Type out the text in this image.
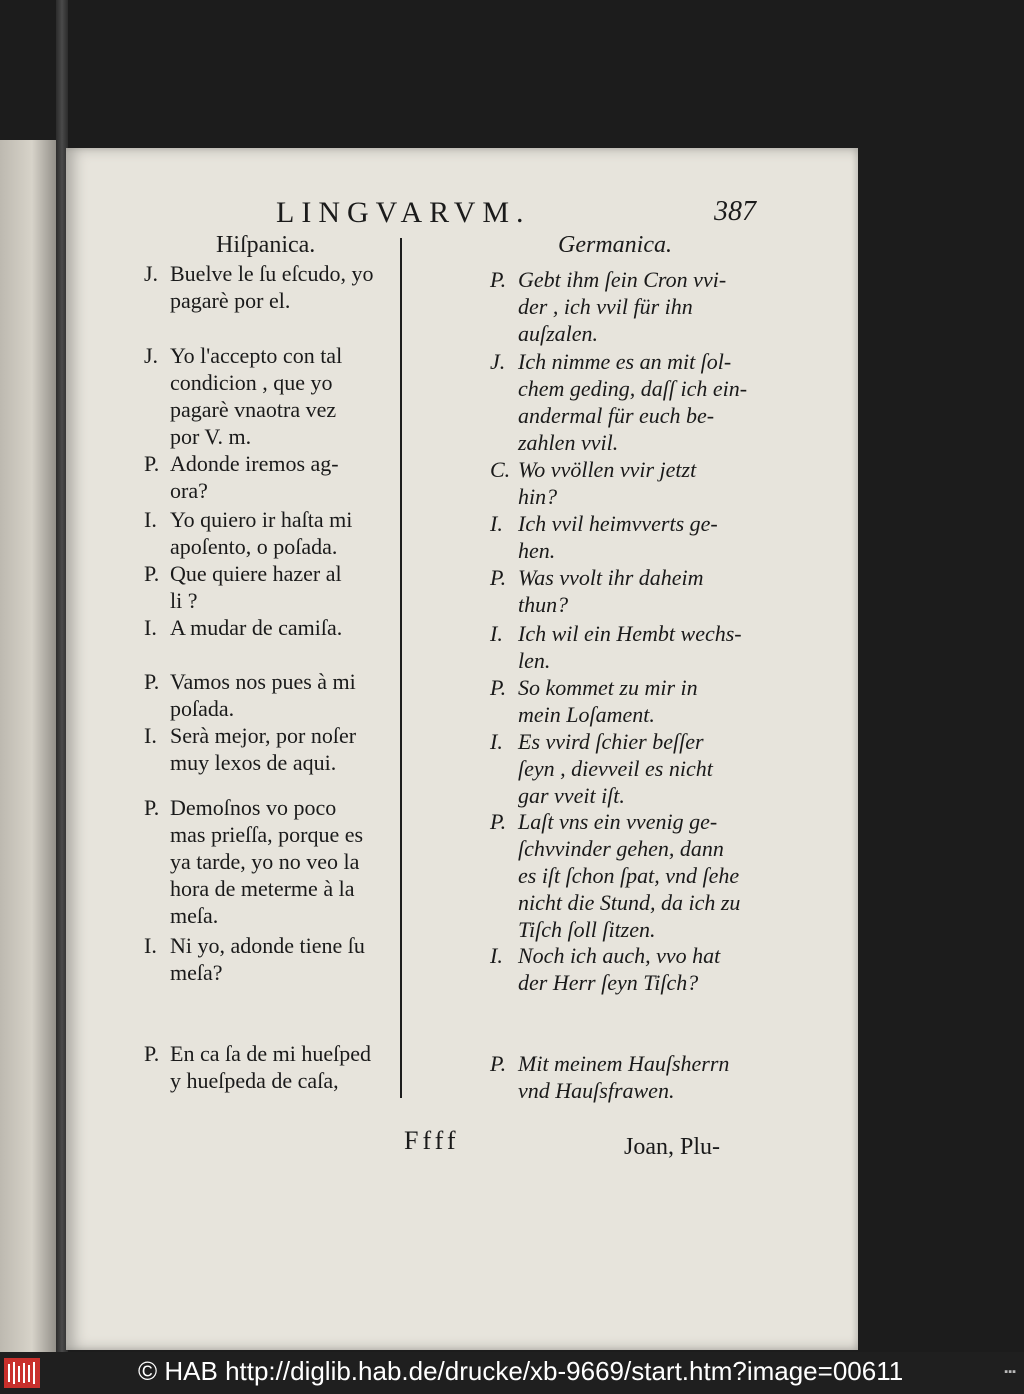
LINGVARVM.	387
Hiſpanica.	Germanica.
J. Buelve le ſu eſcudo, yo
pagarè por el.
J. Yo l'accepto con tal
condicion , que yo
pagarè vnaotra vez
por V. m.
P. Adonde iremos ag-
ora?
I. Yo quiero ir haſta mi
apoſento, o poſada.
P. Que quiere hazer al
li ?
I. A mudar de camiſa.
P. Vamos nos pues à mi
poſada.
I. Serà mejor, por noſer
muy lexos de aqui.
P. Demoſnos vo poco
mas prieſſa, porque es
ya tarde, yo no veo la
hora de meterme à la
meſa.
I. Ni yo, adonde tiene ſu
meſa?
P. En ca ſa de mi hueſped
y hueſpeda de caſa,
P. Gebt ihm ſein Cron vvi-
der , ich vvil für ihn
auſzalen.
J. Ich nimme es an mit ſol-
chem geding, daſſ ich ein-
andermal für euch be-
zahlen vvil.
C. Wo vvöllen vvir jetzt
hin?
I. Ich vvil heimvverts ge-
hen.
P. Was vvolt ihr daheim
thun?
I. Ich wil ein Hembt wechs-
len.
P. So kommet zu mir in
mein Loſament.
I. Es vvird ſchier beſſer
ſeyn , dievveil es nicht
gar vveit iſt.
P. Laſt vns ein vvenig ge-
ſchvvinder gehen, dann
es iſt ſchon ſpat, vnd ſehe
nicht die Stund, da ich zu
Tiſch ſoll ſitzen.
I. Noch ich auch, vvo hat
der Herr ſeyn Tiſch?
P. Mit meinem Hauſsherrn
vnd Hauſsfrawen.
Ffff	Joan, Plu-
© HAB http://diglib.hab.de/drucke/xb-9669/start.htm?image=00611	▪▪▪
